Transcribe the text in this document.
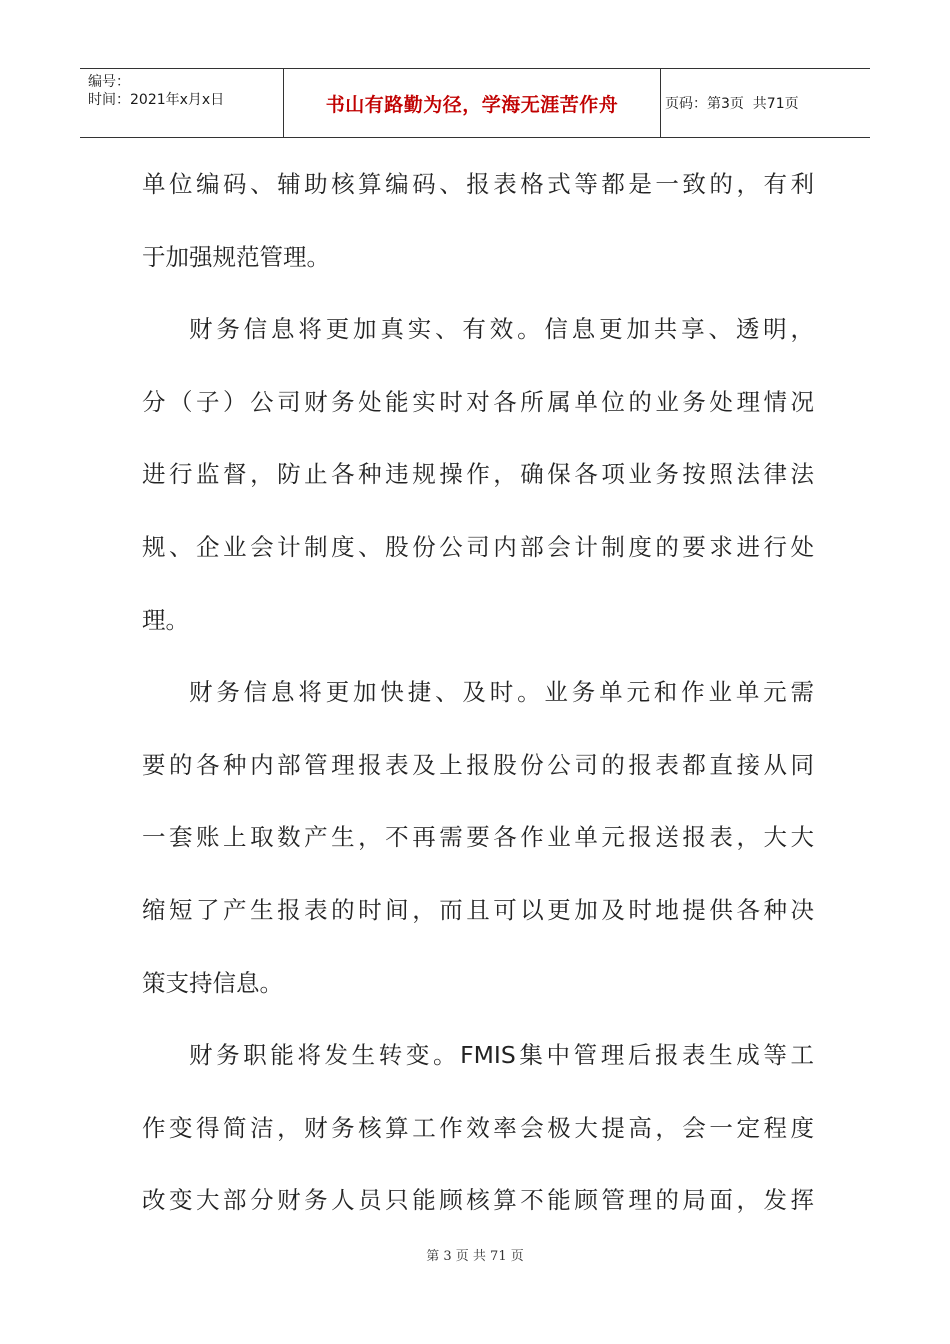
编号：
时间：2021年x月x日	书山有路勤为径，学海无涯苦作舟	页码：第3页  共71页
单位编码、辅助核算编码、报表格式等都是一致的，有利
于加强规范管理。
财务信息将更加真实、有效。信息更加共享、透明，
分（子）公司财务处能实时对各所属单位的业务处理情况
进行监督，防止各种违规操作，确保各项业务按照法律法
规、企业会计制度、股份公司内部会计制度的要求进行处
理。
财务信息将更加快捷、及时。业务单元和作业单元需
要的各种内部管理报表及上报股份公司的报表都直接从同
一套账上取数产生，不再需要各作业单元报送报表，大大
缩短了产生报表的时间，而且可以更加及时地提供各种决
策支持信息。
财务职能将发生转变。FMIS集中管理后报表生成等工
作变得简洁，财务核算工作效率会极大提高，会一定程度
改变大部分财务人员只能顾核算不能顾管理的局面，发挥
第 3 页 共 71 页
